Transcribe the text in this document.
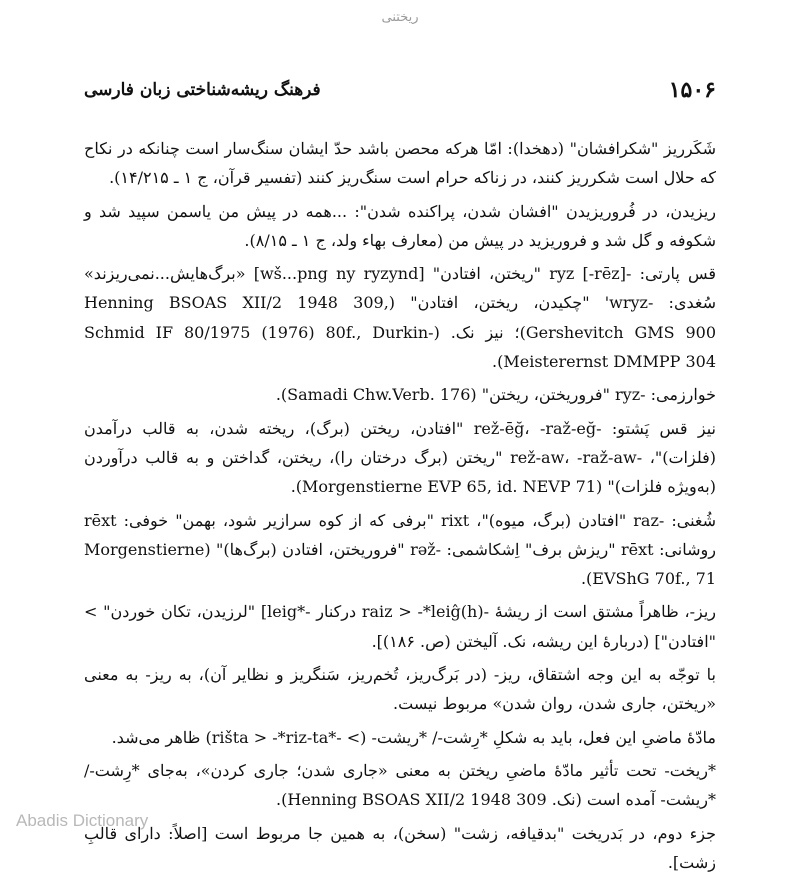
ریختنی
فرهنگ ریشه‌شناختی زبان فارسی	۱۵۰۶

شَکَرریز "شکرافشان" (دهخدا): امّا هرکه محصن باشد حدّ ایشان سنگ‌سار است چنانکه در نکاح که حلال است شکرریز کنند، در زناکه حرام است سنگ‌ریز کنند (تفسیر قرآن، ج ۱ ـ ۱۴/۲۱۵).

ریزیدن، در فُروریزیدن "افشان شدن، پراکنده شدن": ...همه در پیش من یاسمن سپید شد و شکوفه و گل شد و فروریزید در پیش من (معارف بهاء ولد، ج ۱ ـ ۸/۱۵).

قس پارتی: -ryz [-rēz] "ریختن، افتادن" [wš...png ny ryzynd] «برگ‌هایش...نمی‌ریزند» سُغدی: -wryz' "چکیدن، ریختن، افتادن" (Henning BSOAS XII/2 1948 309, Gershevitch GMS 900)؛ نیز نک. (Schmid IF 80/1975 (1976) 80f., Durkin-Meisterernst DMMPP 304).

خوارزمی: -ryz "فروریختن، ریختن" (Samadi Chw.Verb. 176).

نیز قس پَشتو: -rež-ēğ، -raž-eğ "افتادن، ریختن (برگ)، ریخته شدن، به قالب درآمدن (فلزات)"، -rež-aw، -raž-aw "ریختن (برگ درختان را)، ریختن، گداختن و به قالب درآوردن (به‌ویژه فلزات)" (Morgenstierne EVP 65, id. NEVP 71).

شُغنی: -raz "افتادن (برگ، میوه)"، rixt "برفی که از کوه سرازیر شود، بهمن" خوفی: rēxt روشانی: rēxt "ریزش برف" اِشکاشمی: -rəž "فروریختن، افتادن (برگ‌ها)" (Morgenstierne EVShG 70f., 71).

ریز-، ظاهراً مشتق است از ریشهٔ -raiz > -*leiĝ(h) درکنار -*leig] "لرزیدن، تکان خوردن" > "افتادن"] (دربارهٔ این ریشه، نک. آلیختن (ص. ۱۸۶)].

با توجّه به این وجه اشتقاق، ریز- (در بَرگ‌ریز، تُخم‌ریز، سَنگریز و نظایر آن)، به ریز- به معنی «ریختن، جاری شدن، روان شدن» مربوط نیست.

مادّهٔ ماضیِ این فعل، باید به شکلِ *رِشت-/ *ریشت- (> -*rišta > -*riz-ta) ظاهر می‌شد.

*ریخت- تحت تأثیر مادّهٔ ماضیِ ریختن به معنی «جاری شدن؛ جاری کردن»، به‌جای *رِشت-/ *ریشت- آمده است (نک. Henning BSOAS XII/2 1948 309).

جزء دوم، در بَدریخت "بدقیافه، زشت" (سخن)، به همین جا مربوط است [اصلاً: دارای قالبِ زشت].

Abadis Dictionary
